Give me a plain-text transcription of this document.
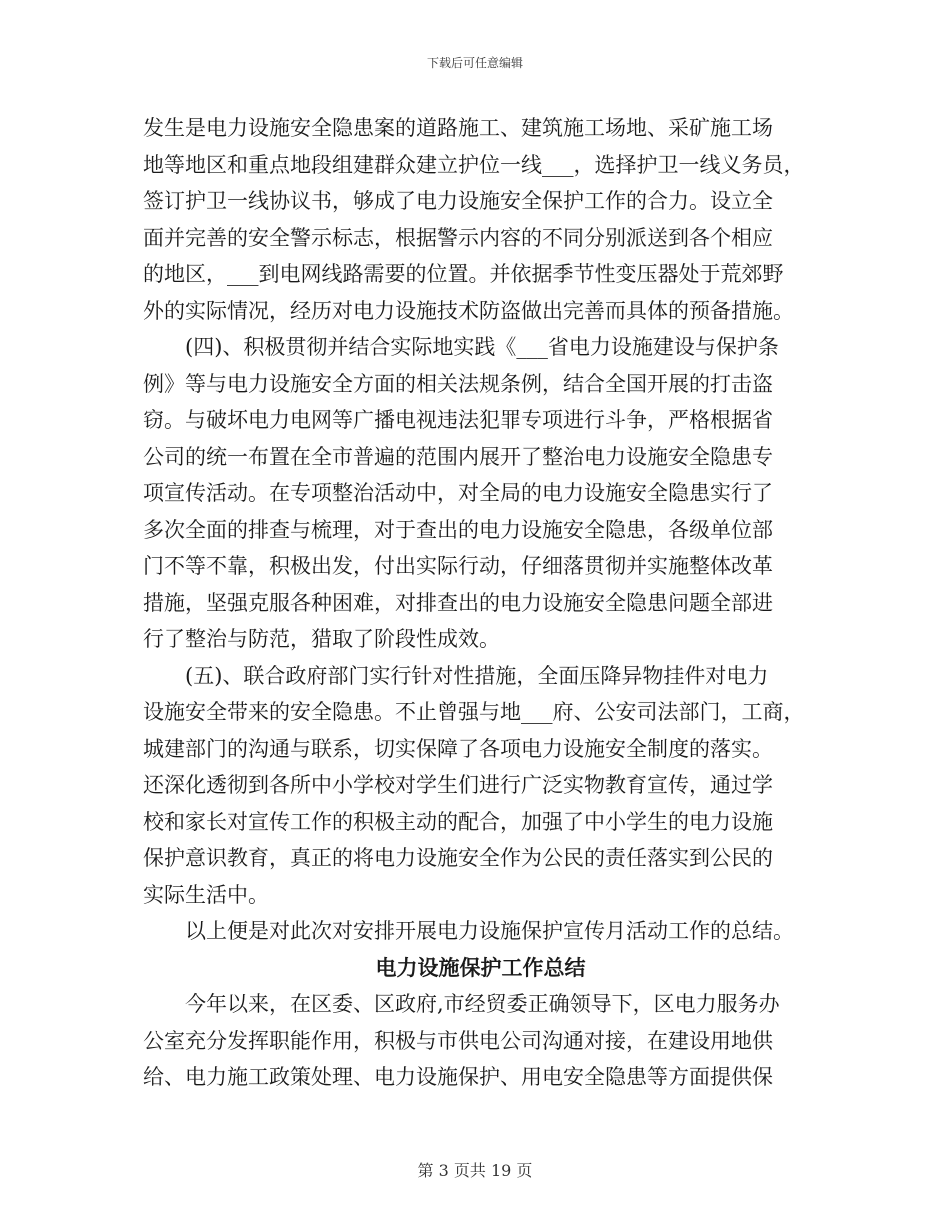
下载后可任意编辑
发生是电力设施安全隐患案的道路施工、建筑施工场地、采矿施工场
地等地区和重点地段组建群众建立护位一线___，选择护卫一线义务员，
签订护卫一线协议书，够成了电力设施安全保护工作的合力。设立全
面并完善的安全警示标志，根据警示内容的不同分别派送到各个相应
的地区，___到电网线路需要的位置。并依据季节性变压器处于荒郊野
外的实际情况，经历对电力设施技术防盗做出完善而具体的预备措施。
(四)、积极贯彻并结合实际地实践《___省电力设施建设与保护条
例》等与电力设施安全方面的相关法规条例，结合全国开展的打击盗
窃。与破坏电力电网等广播电视违法犯罪专项进行斗争，严格根据省
公司的统一布置在全市普遍的范围内展开了整治电力设施安全隐患专
项宣传活动。在专项整治活动中，对全局的电力设施安全隐患实行了
多次全面的排查与梳理，对于查出的电力设施安全隐患，各级单位部
门不等不靠，积极出发，付出实际行动，仔细落贯彻并实施整体改革
措施，坚强克服各种困难，对排查出的电力设施安全隐患问题全部进
行了整治与防范，猎取了阶段性成效。
(五)、联合政府部门实行针对性措施，全面压降异物挂件对电力
设施安全带来的安全隐患。不止曾强与地___府、公安司法部门，工商，
城建部门的沟通与联系，切实保障了各项电力设施安全制度的落实。
还深化透彻到各所中小学校对学生们进行广泛实物教育宣传，通过学
校和家长对宣传工作的积极主动的配合，加强了中小学生的电力设施
保护意识教育，真正的将电力设施安全作为公民的责任落实到公民的
实际生活中。
以上便是对此次对安排开展电力设施保护宣传月活动工作的总结。
电力设施保护工作总结
今年以来，在区委、区政府,市经贸委正确领导下，区电力服务办
公室充分发挥职能作用，积极与市供电公司沟通对接，在建设用地供
给、电力施工政策处理、电力设施保护、用电安全隐患等方面提供保
第 3 页共 19 页
